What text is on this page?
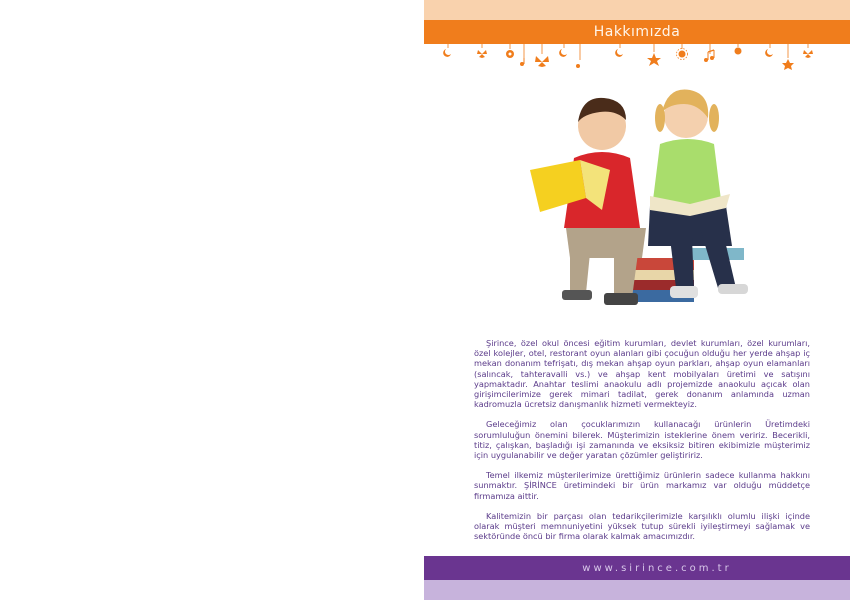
Hakkımızda

Şirince, özel okul öncesi eğitim kurumları, devlet kurumları, özel kurumları, özel kolejler, otel, restorant oyun alanları gibi çocuğun olduğu her yerde ahşap iç mekan donanım tefrişatı, dış mekan ahşap oyun parkları, ahşap oyun elamanları (salıncak, tahteravalli vs.) ve ahşap kent mobilyaları üretimi ve satışını yapmaktadır. Anahtar teslimi anaokulu adlı projemizde anaokulu açıcak olan girişimcilerimize gerek mimari tadilat, gerek donanım anlamında uzman kadromuzla ücretsiz danışmanlık hizmeti vermekteyiz.

Geleceğimiz olan çocuklarımızın kullanacağı ürünlerin Üretimdeki sorumluluğun önemini bilerek. Müşterimizin isteklerine önem veririz. Becerikli, titiz, çalışkan, başladığı işi zamanında ve eksiksiz bitiren ekibimizle müşterimiz için uygulanabilir ve değer yaratan çözümler geliştiririz.

Temel ilkemiz müşterilerimize ürettiğimiz ürünlerin sadece kullanma hakkını sunmaktır. ŞİRİNCE üretimindeki bir ürün markamız var olduğu müddetçe firmamıza aittir.

Kalitemizin bir parçası olan tedarikçilerimizle karşılıklı olumlu ilişki içinde olarak müşteri memnuniyetini yüksek tutup sürekli iyileştirmeyi sağlamak ve sektöründe öncü bir firma olarak kalmak amacımızdır.

www.sirince.com.tr
